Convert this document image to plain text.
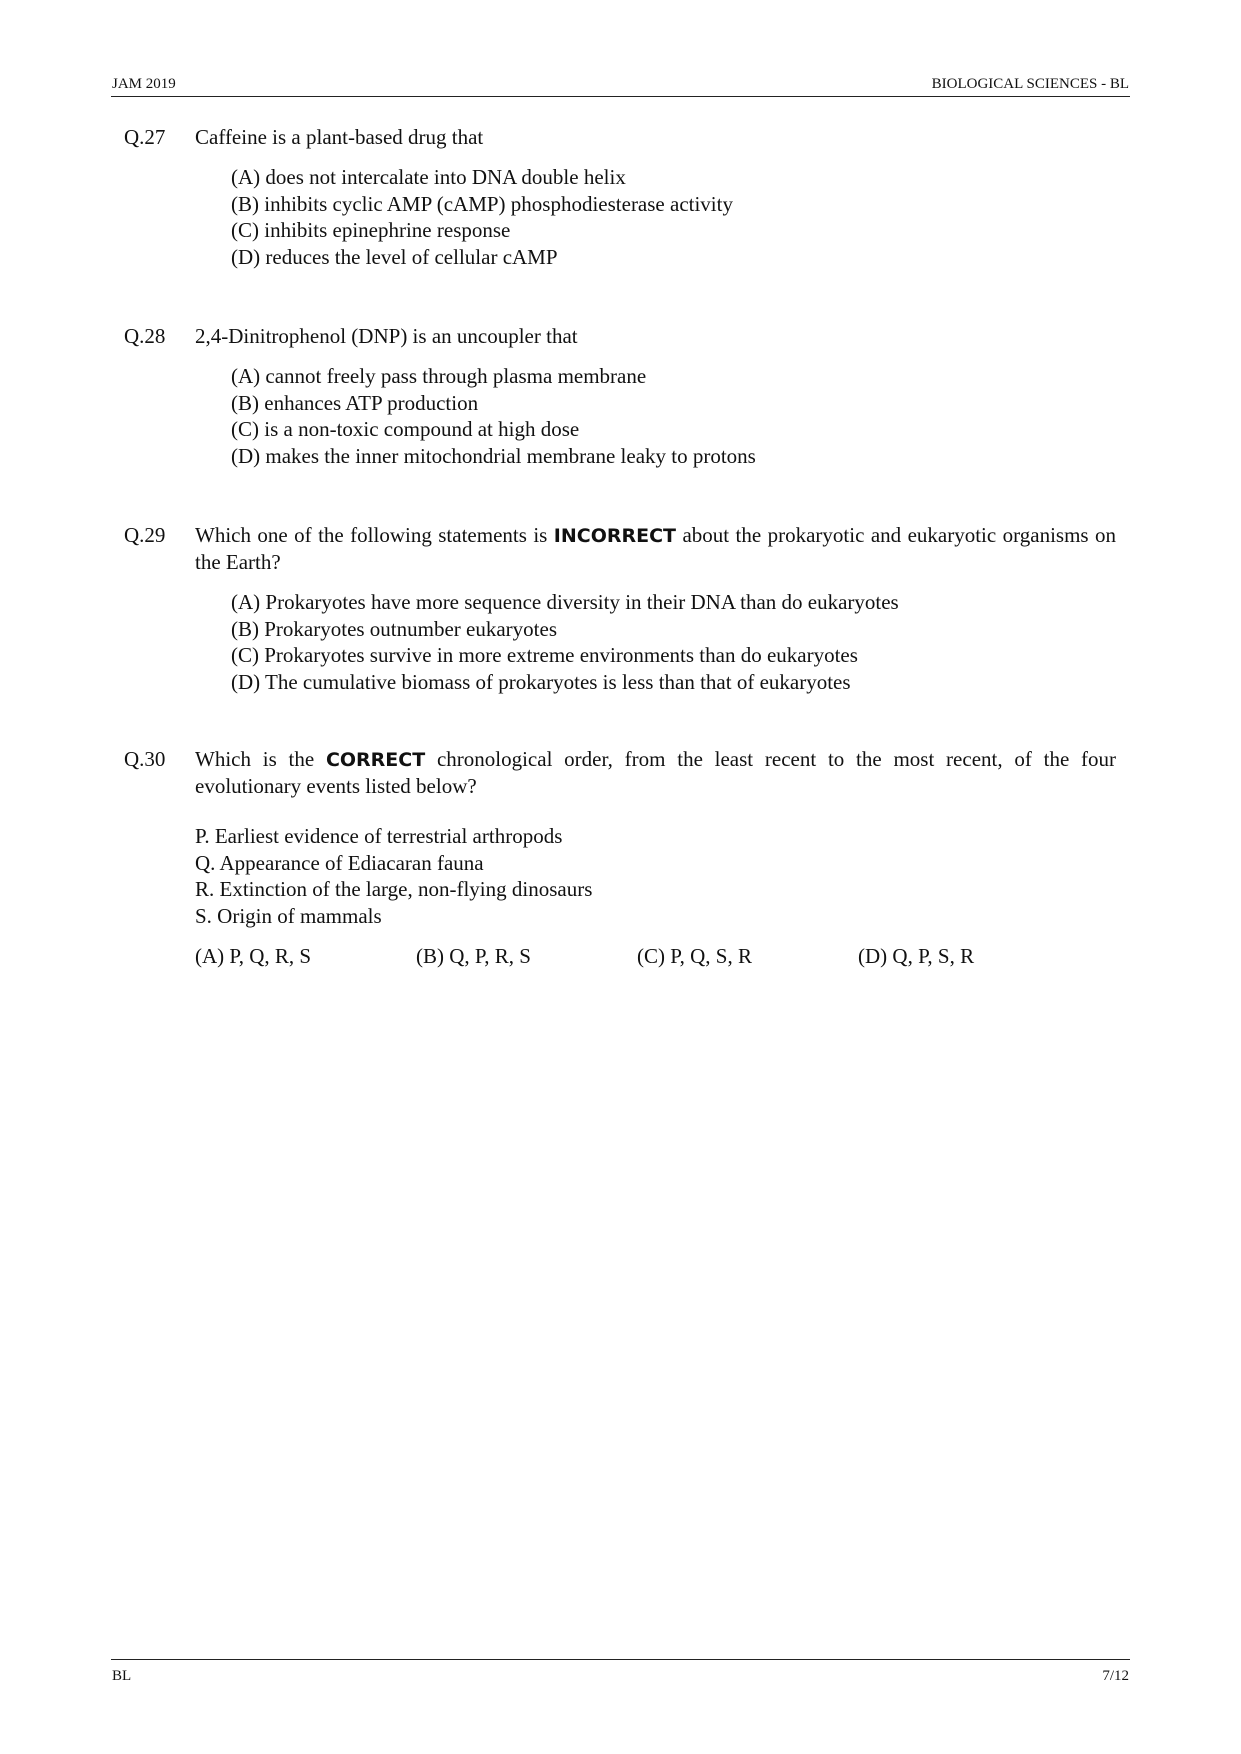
JAM 2019	BIOLOGICAL SCIENCES - BL
Q.27 Caffeine is a plant-based drug that
(A) does not intercalate into DNA double helix
(B) inhibits cyclic AMP (cAMP) phosphodiesterase activity
(C) inhibits epinephrine response
(D) reduces the level of cellular cAMP
Q.28 2,4-Dinitrophenol (DNP) is an uncoupler that
(A) cannot freely pass through plasma membrane
(B) enhances ATP production
(C) is a non-toxic compound at high dose
(D) makes the inner mitochondrial membrane leaky to protons
Q.29 Which one of the following statements is INCORRECT about the prokaryotic and eukaryotic organisms on the Earth?
(A) Prokaryotes have more sequence diversity in their DNA than do eukaryotes
(B) Prokaryotes outnumber eukaryotes
(C) Prokaryotes survive in more extreme environments than do eukaryotes
(D) The cumulative biomass of prokaryotes is less than that of eukaryotes
Q.30 Which is the CORRECT chronological order, from the least recent to the most recent, of the four evolutionary events listed below?
P. Earliest evidence of terrestrial arthropods
Q. Appearance of Ediacaran fauna
R. Extinction of the large, non-flying dinosaurs
S. Origin of mammals
(A) P, Q, R, S	(B) Q, P, R, S	(C) P, Q, S, R	(D) Q, P, S, R
BL	7/12
